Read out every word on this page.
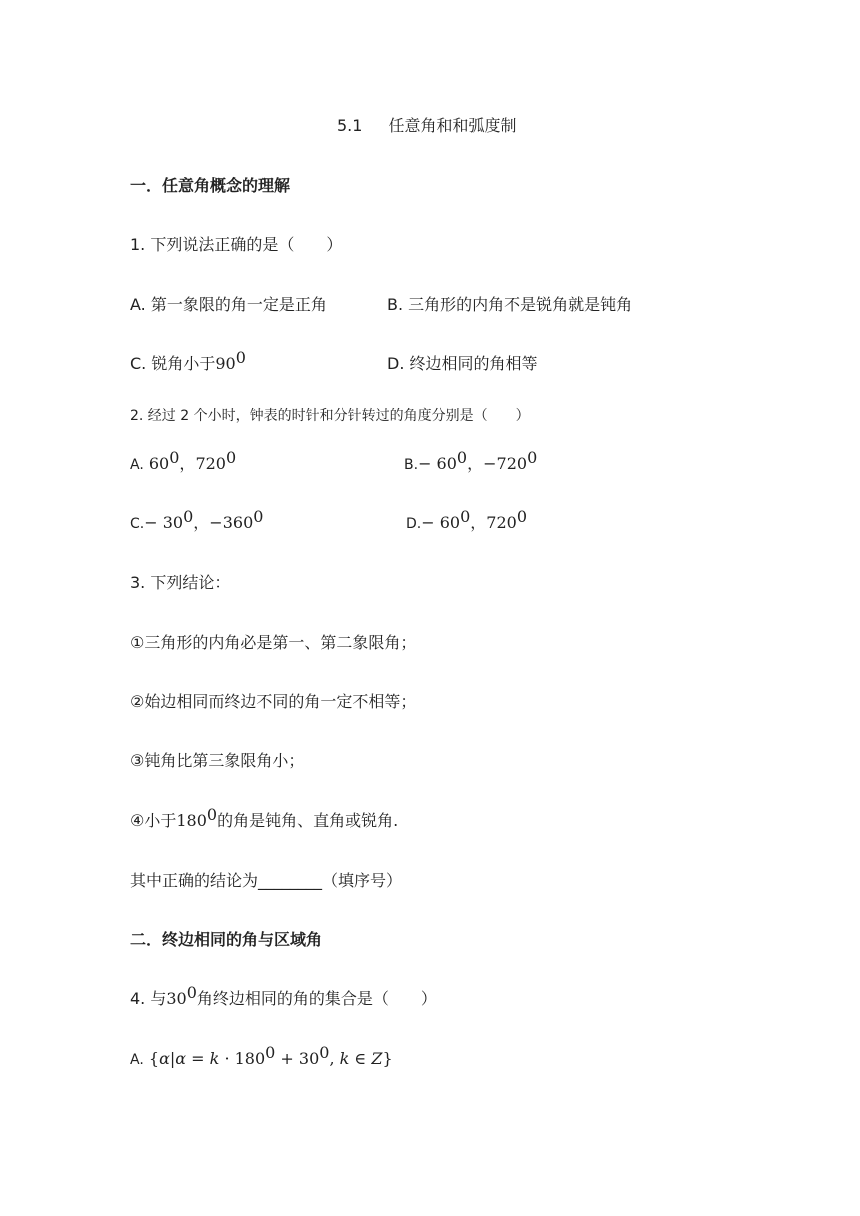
5.1 任意角和和弧度制
一．任意角概念的理解
1. 下列说法正确的是（　　）
A. 第一象限的角一定是正角	B. 三角形的内角不是锐角就是钝角
C. 锐角小于$90^0$	D. 终边相同的角相等
2. 经过 2 个小时，钟表的时针和分针转过的角度分别是（　　）
A. $60^0$，$720^0$	$B.- 60^0$，$-720^0$
$C.- 30^0$，$-360^0$	$D.- 60^0$，$720^0$
3. 下列结论：
①三角形的内角必是第一、第二象限角；
②始边相同而终边不同的角一定不相等；
③钝角比第三象限角小；
④小于$180^0$的角是钝角、直角或锐角.
其中正确的结论为________（填序号）
二．终边相同的角与区域角
4. 与$30^0$角终边相同的角的集合是（　　）
A. {$\alpha|\alpha = k \cdot 180^0 + 30^0$, k ∈ Z}
